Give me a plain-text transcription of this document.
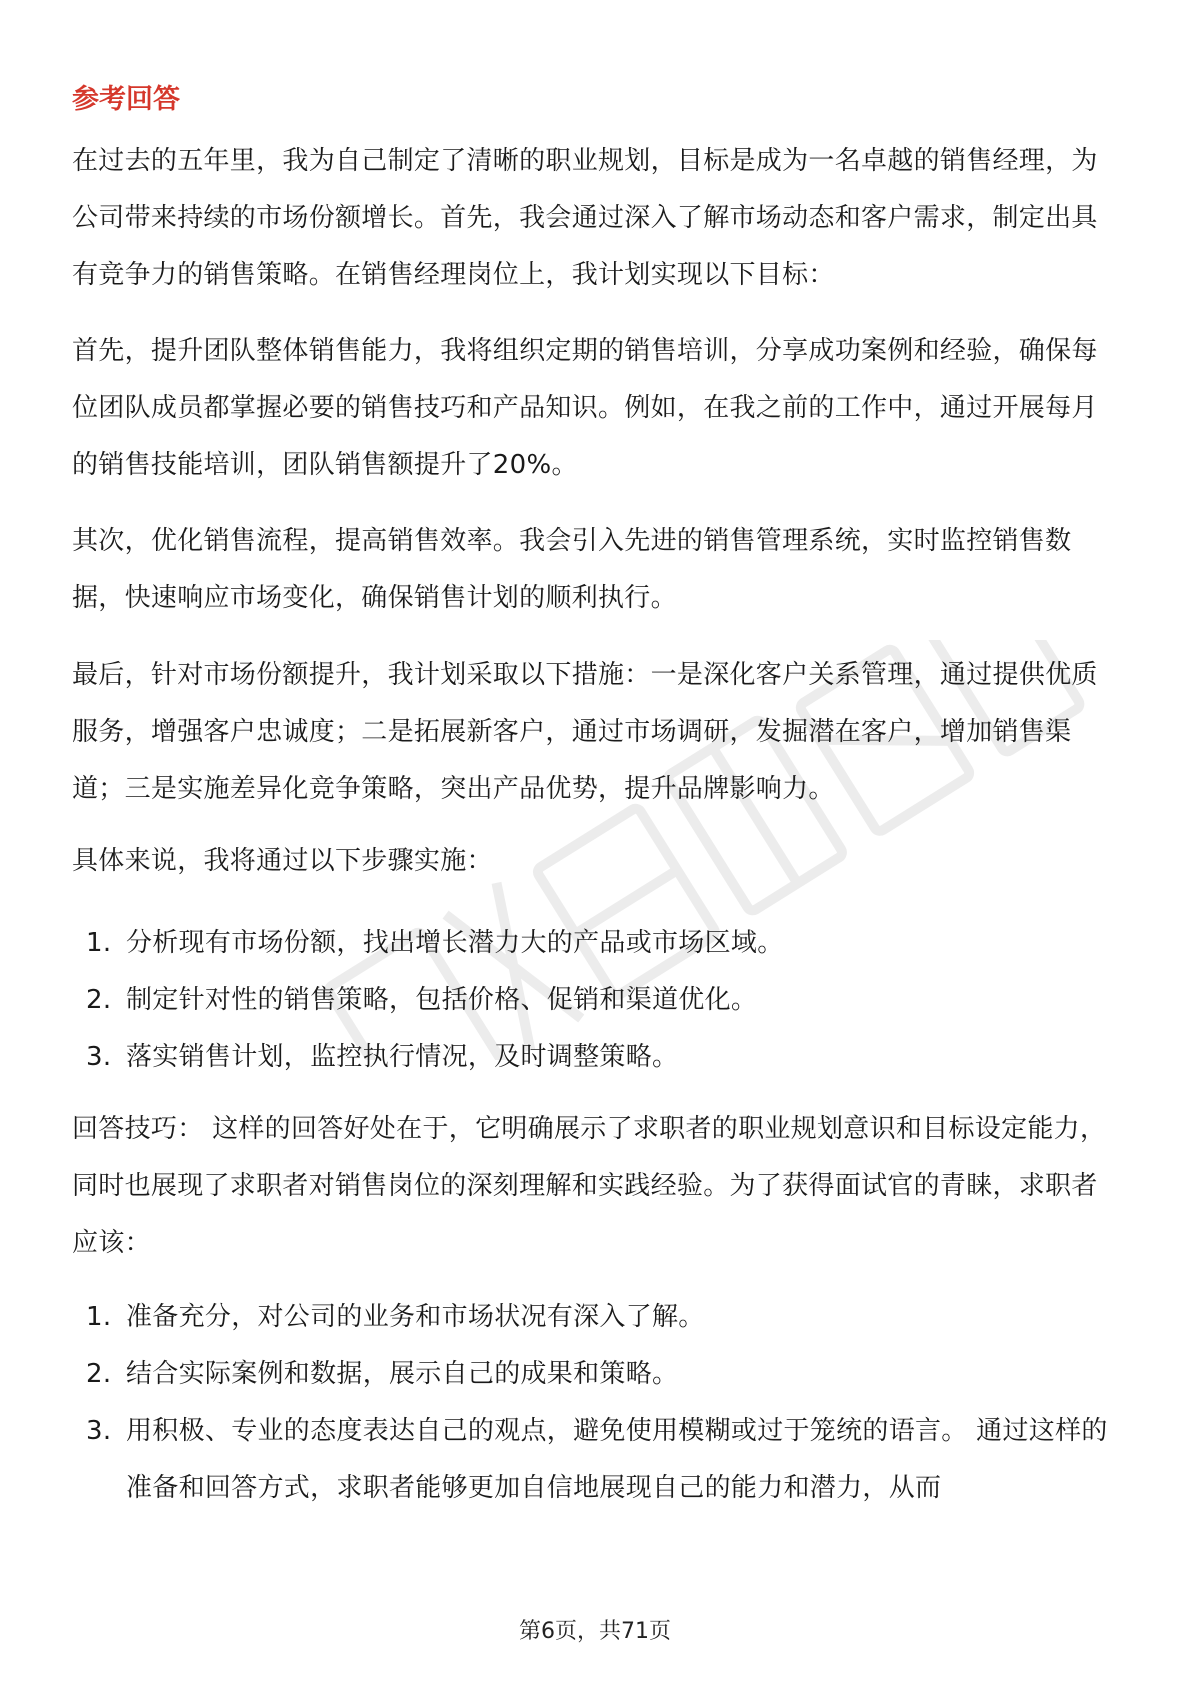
参考回答

在过去的五年里，我为自己制定了清晰的职业规划，目标是成为一名卓越的销售经理，为公司带来持续的市场份额增长。首先，我会通过深入了解市场动态和客户需求，制定出具有竞争力的销售策略。在销售经理岗位上，我计划实现以下目标：

首先，提升团队整体销售能力，我将组织定期的销售培训，分享成功案例和经验，确保每位团队成员都掌握必要的销售技巧和产品知识。例如，在我之前的工作中，通过开展每月的销售技能培训，团队销售额提升了20%。

其次，优化销售流程，提高销售效率。我会引入先进的销售管理系统，实时监控销售数据，快速响应市场变化，确保销售计划的顺利执行。

最后，针对市场份额提升，我计划采取以下措施：一是深化客户关系管理，通过提供优质服务，增强客户忠诚度；二是拓展新客户，通过市场调研，发掘潜在客户，增加销售渠道；三是实施差异化竞争策略，突出产品优势，提升品牌影响力。

具体来说，我将通过以下步骤实施：

1. 分析现有市场份额，找出增长潜力大的产品或市场区域。
2. 制定针对性的销售策略，包括价格、促销和渠道优化。
3. 落实销售计划，监控执行情况，及时调整策略。

回答技巧： 这样的回答好处在于，它明确展示了求职者的职业规划意识和目标设定能力，同时也展现了求职者对销售岗位的深刻理解和实践经验。为了获得面试官的青睐，求职者应该：

1. 准备充分，对公司的业务和市场状况有深入了解。
2. 结合实际案例和数据，展示自己的成果和策略。
3. 用积极、专业的态度表达自己的观点，避免使用模糊或过于笼统的语言。 通过这样的准备和回答方式，求职者能够更加自信地展现自己的能力和潜力，从而
第6页，共71页
